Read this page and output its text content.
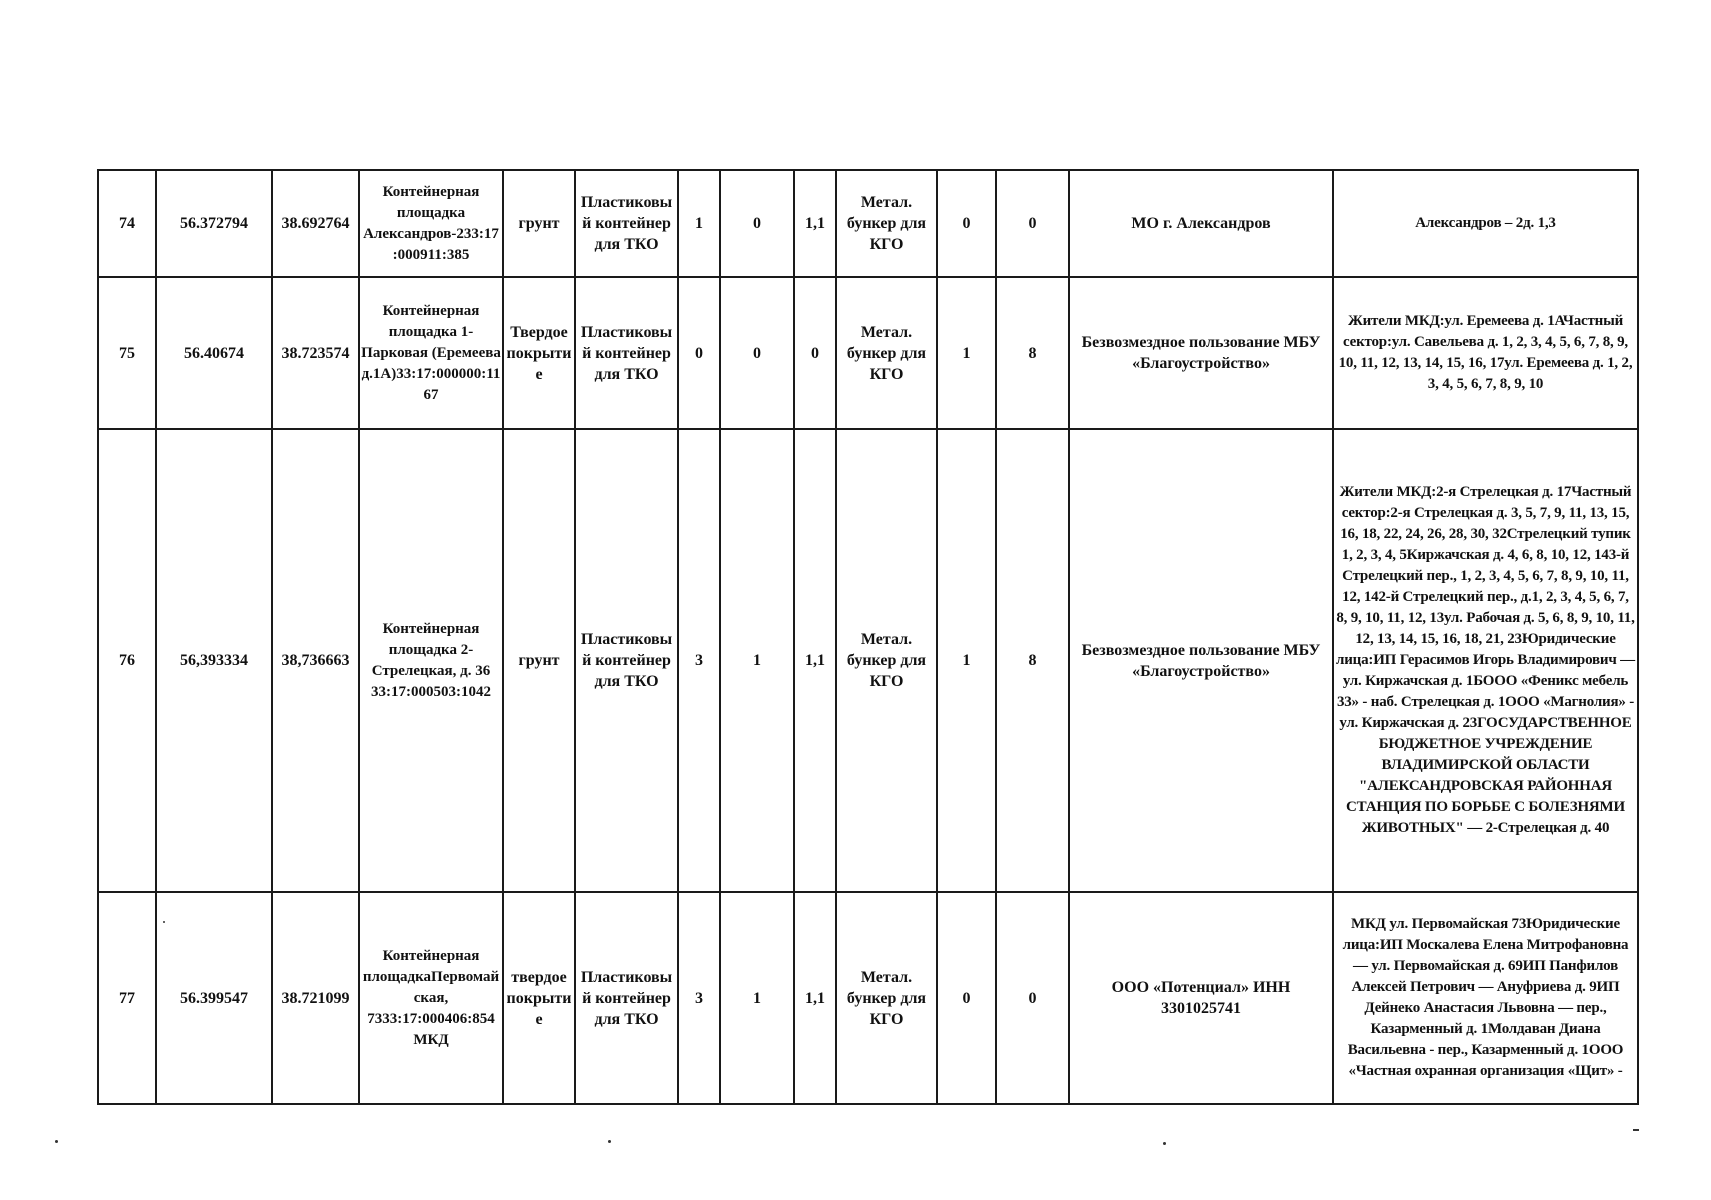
74	56.372794	38.692764	Контейнерная площадка Александров-233:17:000911:385	грунт	Пластиковый контейнер для ТКО	1	0	1,1	Метал. бункер для КГО	0	0	МО г. Александров	Александров – 2д. 1,3
75	56.40674	38.723574	Контейнерная площадка 1-Парковая (Еремеева д.1А)33:17:000000:1167	Твердое покрытие	Пластиковый контейнер для ТКО	0	0	0	Метал. бункер для КГО	1	8	Безвозмездное пользование МБУ «Благоустройство»	Жители МКД:ул. Еремеева д. 1АЧастный сектор:ул. Савельева д. 1, 2, 3, 4, 5, 6, 7, 8, 9, 10, 11, 12, 13, 14, 15, 16, 17ул. Еремеева д. 1, 2, 3, 4, 5, 6, 7, 8, 9, 10
76	56,393334	38,736663	Контейнерная площадка 2-Стрелецкая, д. 36 33:17:000503:1042	грунт	Пластиковый контейнер для ТКО	3	1	1,1	Метал. бункер для КГО	1	8	Безвозмездное пользование МБУ «Благоустройство»	Жители МКД:2-я Стрелецкая д. 17Частный сектор:2-я Стрелецкая д. 3, 5, 7, 9, 11, 13, 15, 16, 18, 22, 24, 26, 28, 30, 32Стрелецкий тупик 1, 2, 3, 4, 5Киржачская д. 4, 6, 8, 10, 12, 143-й Стрелецкий пер., 1, 2, 3, 4, 5, 6, 7, 8, 9, 10, 11, 12, 142-й Стрелецкий пер., д.1, 2, 3, 4, 5, 6, 7, 8, 9, 10, 11, 12, 13ул. Рабочая д. 5, 6, 8, 9, 10, 11, 12, 13, 14, 15, 16, 18, 21, 23Юридические лица:ИП Герасимов Игорь Владимирович — ул. Киржачская д. 1БООО «Феникс мебель 33» - наб. Стрелецкая д. 1ООО «Магнолия» - ул. Киржачская д. 23ГОСУДАРСТВЕННОЕ БЮДЖЕТНОЕ УЧРЕЖДЕНИЕ ВЛАДИМИРСКОЙ ОБЛАСТИ "АЛЕКСАНДРОВСКАЯ РАЙОННАЯ СТАНЦИЯ ПО БОРЬБЕ С БОЛЕЗНЯМИ ЖИВОТНЫХ" — 2-Стрелецкая д. 40
77	56.399547	38.721099	Контейнерная площадкаПервомайская, 7333:17:000406:854 МКД	твердое покрытие	Пластиковый контейнер для ТКО	3	1	1,1	Метал. бункер для КГО	0	0	ООО «Потенциал» ИНН 3301025741	МКД ул. Первомайская 73Юридические лица:ИП Москалева Елена Митрофановна — ул. Первомайская д. 69ИП Панфилов Алексей Петрович — Ануфриева д. 9ИП Дейнеко Анастасия Львовна — пер., Казарменный д. 1Молдаван Диана Васильевна - пер., Казарменный д. 1ООО «Частная охранная организация «Щит» -
